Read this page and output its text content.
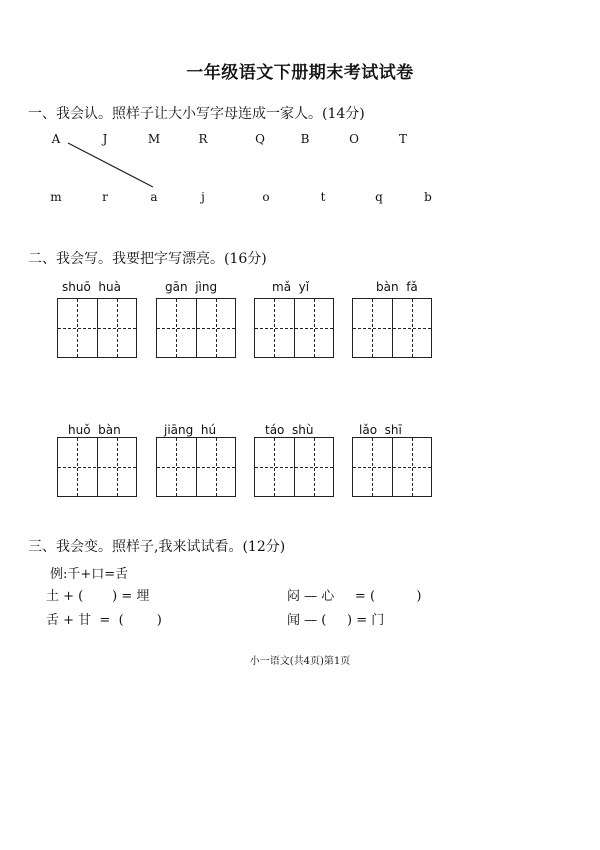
一年级语文下册期末考试试卷
一、我会认。照样子让大小写字母连成一家人。(14分)
A	J	M	R	Q	B	O	T
m	r	a	j	o	t	q	b
二、我会写。我要把字写漂亮。(16分)
shuō  huà	gān  jìng	mǎ  yǐ	bàn  fǎ
huǒ  bàn	jiāng  hú	táo  shù	lǎo  shī
三、我会变。照样子,我来试试看。(12分)
例:千+口=舌
土 + (       ) = 埋
舌 + 甘  =  (        )
闷 — 心     = (          )
闻 — (     ) = 门
小一语文(共4页)第1页
